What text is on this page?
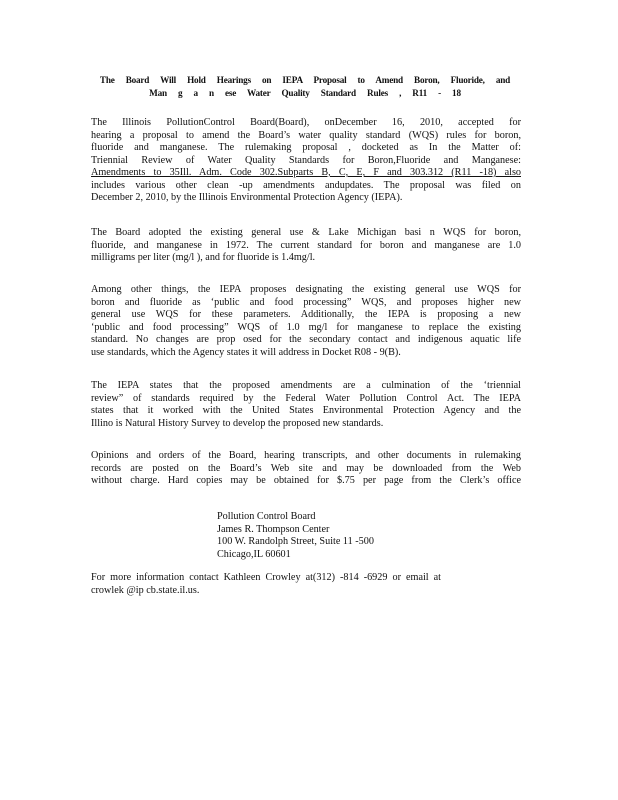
The Board Will Hold Hearings on IEPA Proposal to Amend Boron, Fluoride, and
Man g a n ese Water Quality Standard Rules , R11 - 18
The Illinois PollutionControl Board(Board), onDecember 16, 2010, accepted for
hearing a proposal to amend the Board’s water quality standard (WQS) rules for boron,
fluoride and manganese. The rulemaking proposal , docketed as In the Matter of:
Triennial Review of Water Quality Standards for Boron,Fluoride and Manganese:
Amendments to 35Ill. Adm. Code 302.Subparts B, C, E, F and 303.312 (R11 -18) also
includes various other clean -up amendments andupdates. The proposal was filed on
December 2, 2010, by the Illinois Environmental Protection Agency (IEPA).
The Board adopted the existing general use & Lake Michigan basi n WQS for boron,
fluoride, and manganese in 1972. The current standard for boron and manganese are 1.0
milligrams per liter (mg/l ), and for fluoride is 1.4mg/l.
Among other things, the IEPA proposes designating the existing general use WQS for
boron and fluoride as ‘public and food processing” WQS, and proposes higher new
general use WQS for these parameters. Additionally, the IEPA is proposing a new
‘public and food processing” WQS of 1.0 mg/l for manganese to replace the existing
standard. No changes are prop osed for the secondary contact and indigenous aquatic life
use standards, which the Agency states it will address in Docket R08 - 9(B).
The IEPA states that the proposed amendments are a culmination of the ‘triennial
review” of standards required by the Federal Water Pollution Control Act. The IEPA
states that it worked with the United States Environmental Protection Agency and the
Illino is Natural History Survey to develop the proposed new standards.
Opinions and orders of the Board, hearing transcripts, and other documents in rulemaking
records are posted on the Board’s Web site and may be downloaded from the Web
without charge. Hard copies may be obtained for $.75 per page from the Clerk’s office
Pollution Control Board
James R. Thompson Center
100 W. Randolph Street, Suite 11 -500
Chicago,IL 60601
For more information contact Kathleen Crowley at(312) -814 -6929 or email at
crowlek @ip cb.state.il.us.
